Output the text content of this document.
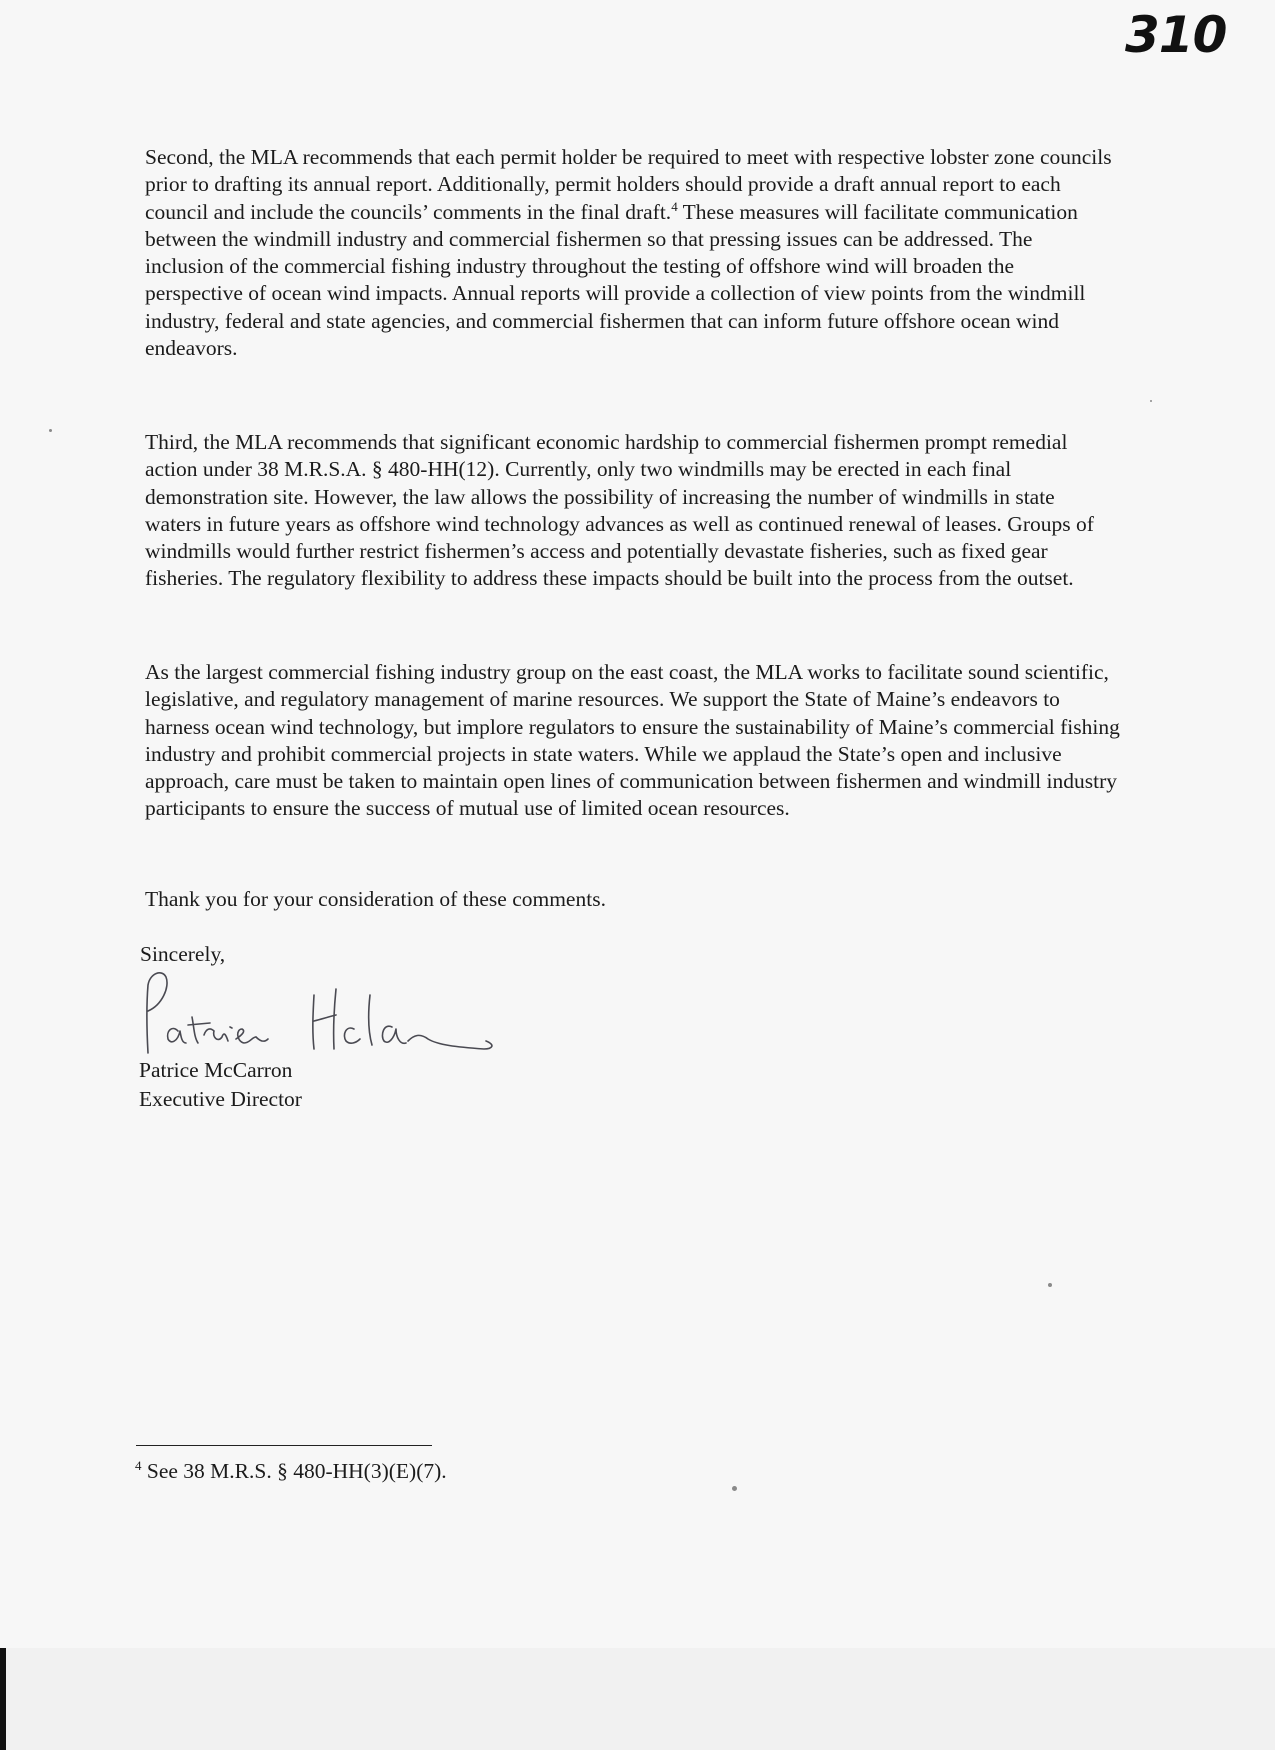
310

Second, the MLA recommends that each permit holder be required to meet with respective lobster zone councils prior to drafting its annual report. Additionally, permit holders should provide a draft annual report to each council and include the councils’ comments in the final draft.$^4$ These measures will facilitate communication between the windmill industry and commercial fishermen so that pressing issues can be addressed. The inclusion of the commercial fishing industry throughout the testing of offshore wind will broaden the perspective of ocean wind impacts. Annual reports will provide a collection of view points from the windmill industry, federal and state agencies, and commercial fishermen that can inform future offshore ocean wind endeavors.

Third, the MLA recommends that significant economic hardship to commercial fishermen prompt remedial action under 38 M.R.S.A. § 480-HH(12). Currently, only two windmills may be erected in each final demonstration site. However, the law allows the possibility of increasing the number of windmills in state waters in future years as offshore wind technology advances as well as continued renewal of leases. Groups of windmills would further restrict fishermen’s access and potentially devastate fisheries, such as fixed gear fisheries. The regulatory flexibility to address these impacts should be built into the process from the outset.

As the largest commercial fishing industry group on the east coast, the MLA works to facilitate sound scientific, legislative, and regulatory management of marine resources. We support the State of Maine’s endeavors to harness ocean wind technology, but implore regulators to ensure the sustainability of Maine’s commercial fishing industry and prohibit commercial projects in state waters. While we applaud the State’s open and inclusive approach, care must be taken to maintain open lines of communication between fishermen and windmill industry participants to ensure the success of mutual use of limited ocean resources.

Thank you for your consideration of these comments.

Sincerely,
Patrice McCarron
Executive Director
$^4$ See 38 M.R.S. § 480-HH(3)(E)(7).
